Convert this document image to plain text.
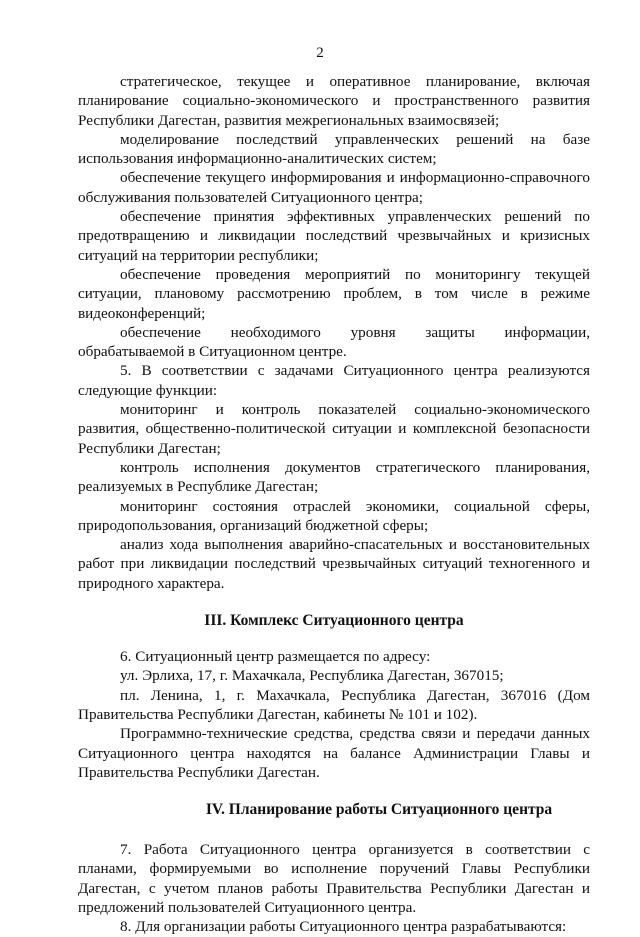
2

стратегическое, текущее и оперативное планирование, включая планирование социально-экономического и пространственного развития Республики Дагестан, развития межрегиональных взаимосвязей;

моделирование последствий управленческих решений на базе использования информационно-аналитических систем;

обеспечение текущего информирования и информационно-справочного обслуживания пользователей Ситуационного центра;

обеспечение принятия эффективных управленческих решений по предотвращению и ликвидации последствий чрезвычайных и кризисных ситуаций на территории республики;

обеспечение проведения мероприятий по мониторингу текущей ситуации, плановому рассмотрению проблем, в том числе в режиме видеоконференций;

обеспечение необходимого уровня защиты информации, обрабатываемой в Ситуационном центре.

5. В соответствии с задачами Ситуационного центра реализуются следующие функции:

мониторинг и контроль показателей социально-экономического развития, общественно-политической ситуации и комплексной безопасности Республики Дагестан;

контроль исполнения документов стратегического планирования, реализуемых в Республике Дагестан;

мониторинг состояния отраслей экономики, социальной сферы, природопользования, организаций бюджетной сферы;

анализ хода выполнения аварийно-спасательных и восстановительных работ при ликвидации последствий чрезвычайных ситуаций техногенного и природного характера.

III. Комплекс Ситуационного центра

6. Ситуационный центр размещается по адресу:

ул. Эрлиха, 17, г. Махачкала, Республика Дагестан, 367015;

пл. Ленина, 1, г. Махачкала, Республика Дагестан, 367016 (Дом Правительства Республики Дагестан, кабинеты № 101 и 102).

Программно-технические средства, средства связи и передачи данных Ситуационного центра находятся на балансе Администрации Главы и Правительства Республики Дагестан.

IV. Планирование работы Ситуационного центра

7. Работа Ситуационного центра организуется в соответствии с планами, формируемыми во исполнение поручений Главы Республики Дагестан, с учетом планов работы Правительства Республики Дагестан и предложений пользователей Ситуационного центра.

8. Для организации работы Ситуационного центра разрабатываются:
